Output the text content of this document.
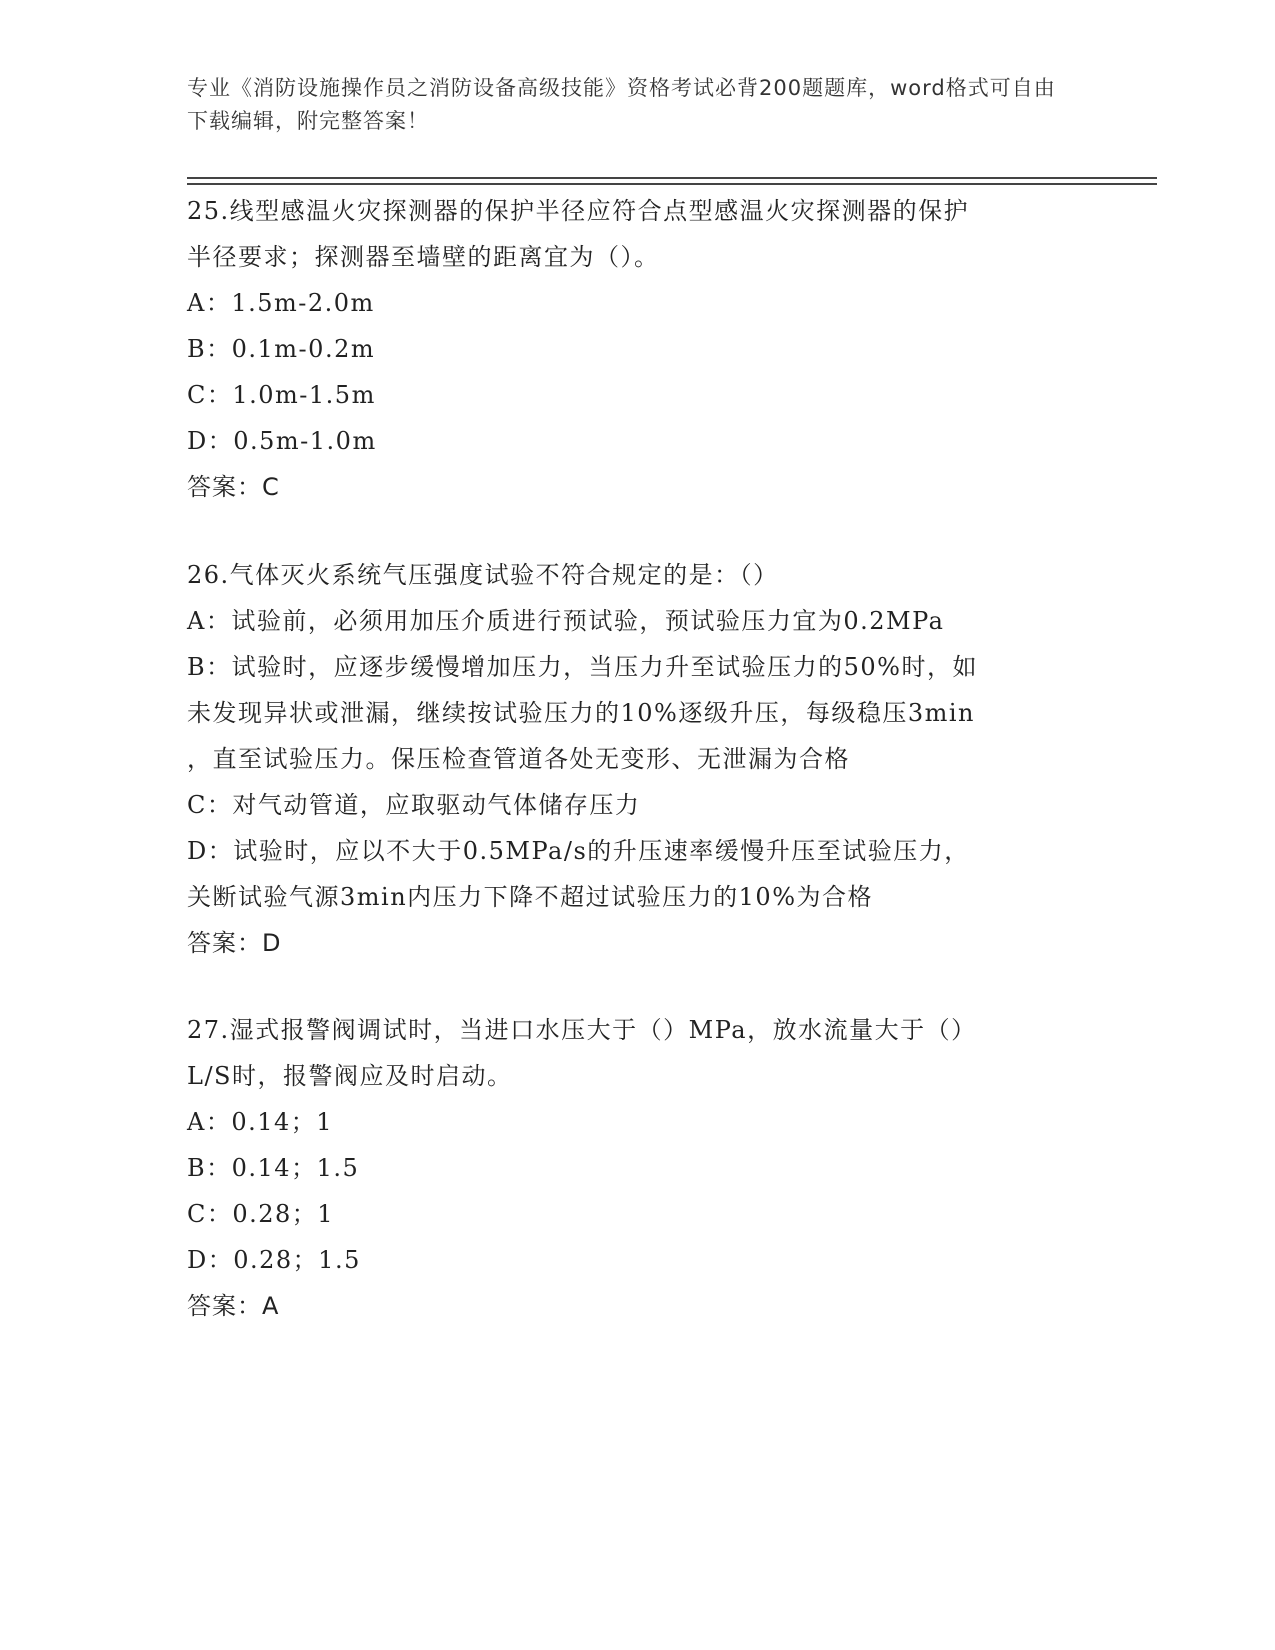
专业《消防设施操作员之消防设备高级技能》资格考试必背200题题库，word格式可自由下载编辑，附完整答案！
25.线型感温火灾探测器的保护半径应符合点型感温火灾探测器的保护
半径要求；探测器至墙壁的距离宜为（）。
A：1.5m-2.0m
B：0.1m-0.2m
C：1.0m-1.5m
D：0.5m-1.0m
答案：C
26.气体灭火系统气压强度试验不符合规定的是：（）
A：试验前，必须用加压介质进行预试验，预试验压力宜为0.2MPa
B：试验时，应逐步缓慢增加压力，当压力升至试验压力的50%时，如
未发现异状或泄漏，继续按试验压力的10%逐级升压，每级稳压3min
，直至试验压力。保压检查管道各处无变形、无泄漏为合格
C：对气动管道，应取驱动气体储存压力
D：试验时，应以不大于0.5MPa/s的升压速率缓慢升压至试验压力，
关断试验气源3min内压力下降不超过试验压力的10%为合格
答案：D
27.湿式报警阀调试时，当进口水压大于（）MPa，放水流量大于（）
L/S时，报警阀应及时启动。
A：0.14；1
B：0.14；1.5
C：0.28；1
D：0.28；1.5
答案：A
